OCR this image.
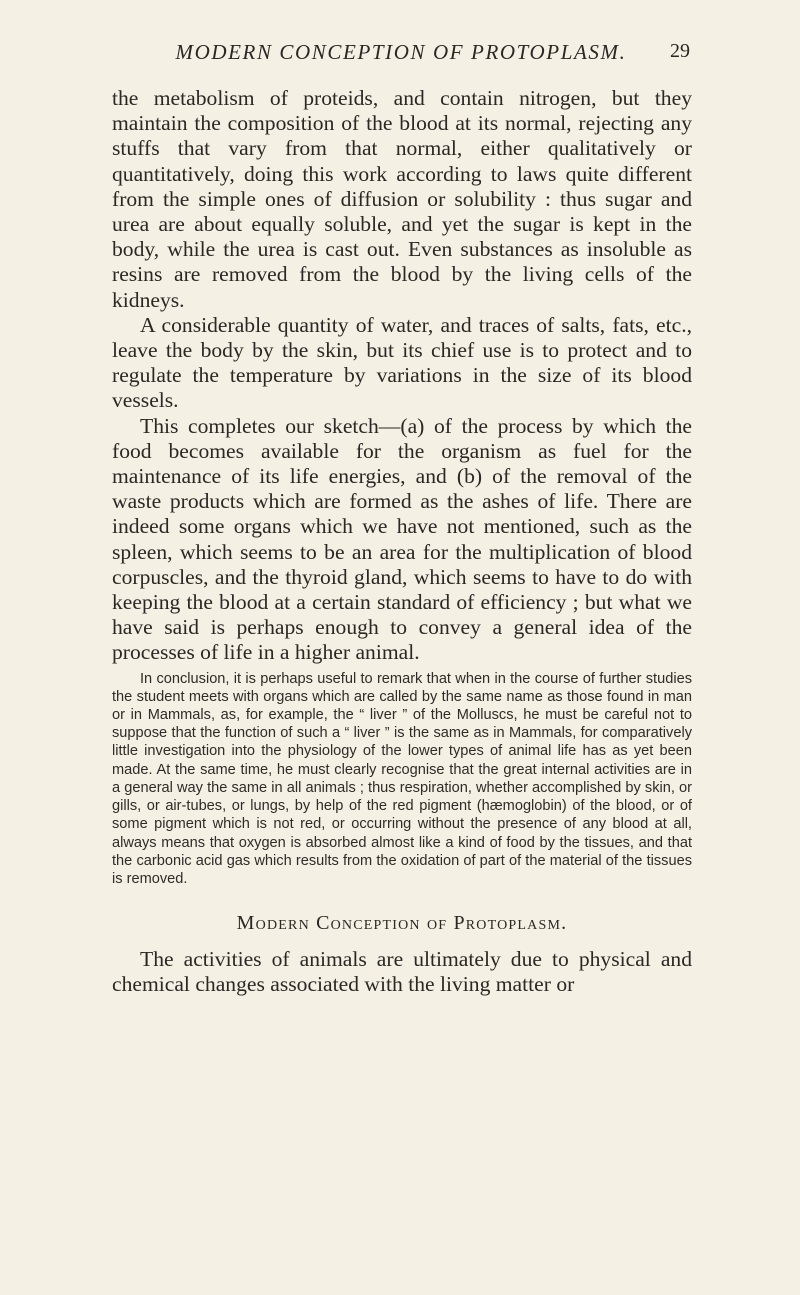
MODERN CONCEPTION OF PROTOPLASM.	29

the metabolism of proteids, and contain nitrogen, but they maintain the composition of the blood at its normal, rejecting any stuffs that vary from that normal, either qualitatively or quantitatively, doing this work according to laws quite different from the simple ones of diffusion or solubility : thus sugar and urea are about equally soluble, and yet the sugar is kept in the body, while the urea is cast out. Even substances as insoluble as resins are removed from the blood by the living cells of the kidneys.

A considerable quantity of water, and traces of salts, fats, etc., leave the body by the skin, but its chief use is to protect and to regulate the temperature by variations in the size of its blood vessels.

This completes our sketch—(a) of the process by which the food becomes available for the organism as fuel for the maintenance of its life energies, and (b) of the removal of the waste products which are formed as the ashes of life. There are indeed some organs which we have not mentioned, such as the spleen, which seems to be an area for the multiplication of blood corpuscles, and the thyroid gland, which seems to have to do with keeping the blood at a certain standard of efficiency ; but what we have said is perhaps enough to convey a general idea of the processes of life in a higher animal.

In conclusion, it is perhaps useful to remark that when in the course of further studies the student meets with organs which are called by the same name as those found in man or in Mammals, as, for example, the “ liver ” of the Molluscs, he must be careful not to suppose that the function of such a “ liver ” is the same as in Mammals, for comparatively little investigation into the physiology of the lower types of animal life has as yet been made. At the same time, he must clearly recognise that the great internal activities are in a general way the same in all animals ; thus respiration, whether accomplished by skin, or gills, or air-tubes, or lungs, by help of the red pigment (hæmoglobin) of the blood, or of some pigment which is not red, or occurring without the presence of any blood at all, always means that oxygen is absorbed almost like a kind of food by the tissues, and that the carbonic acid gas which results from the oxidation of part of the material of the tissues is removed.

Modern Conception of Protoplasm.

The activities of animals are ultimately due to physical and chemical changes associated with the living matter or
